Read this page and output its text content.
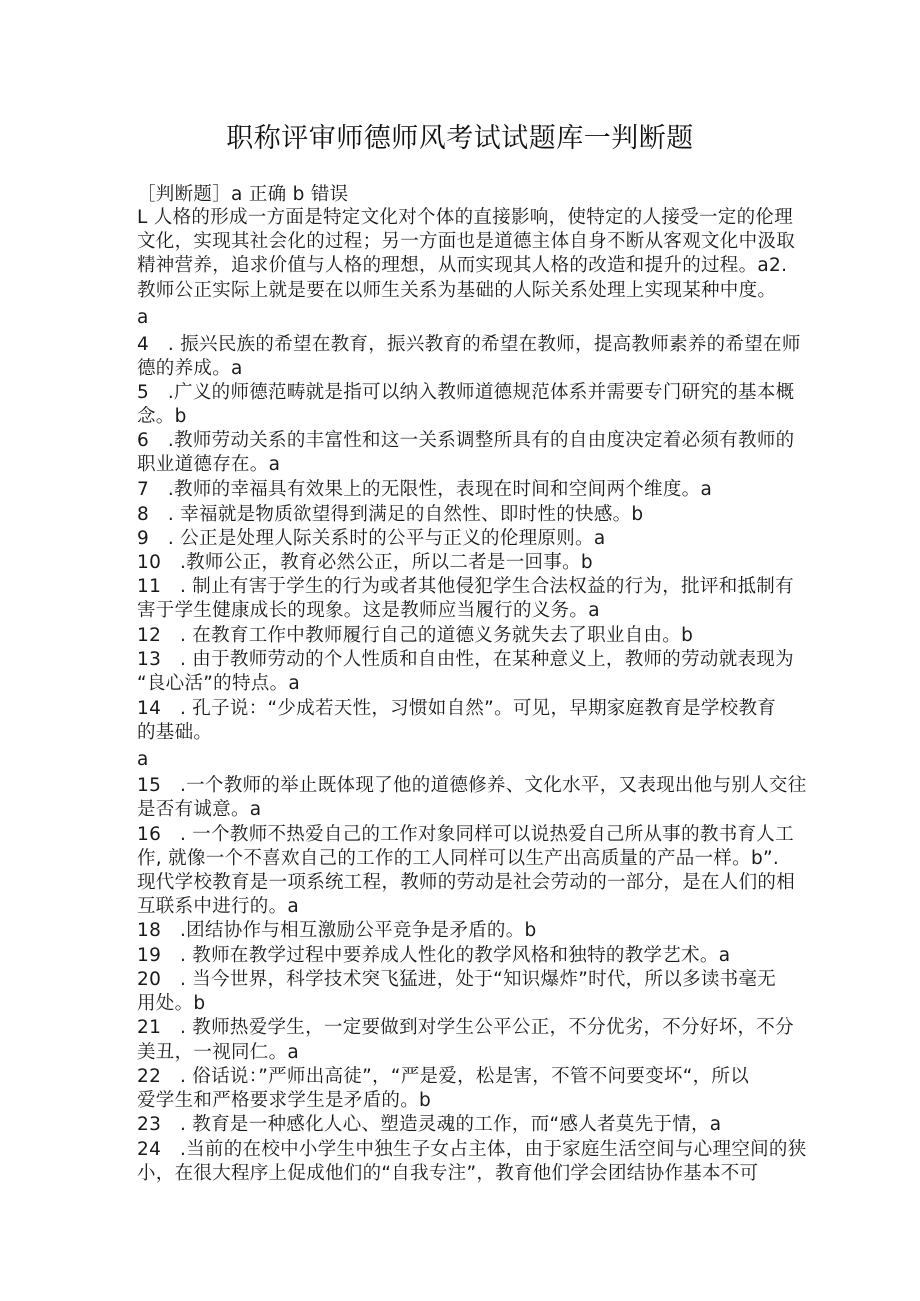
职称评审师德师风考试试题库一判断题
［判断题］a 正确 b 错误
L 人格的形成一方面是特定文化对个体的直接影响，使特定的人接受一定的伦理
文化，实现其社会化的过程；另一方面也是道德主体自身不断从客观文化中汲取
精神营养，追求价值与人格的理想，从而实现其人格的改造和提升的过程。a2.
教师公正实际上就是要在以师生关系为基础的人际关系处理上实现某种中度。
a
4　. 振兴民族的希望在教育，振兴教育的希望在教师，提高教师素养的希望在师
德的养成。a
5　.广义的师德范畴就是指可以纳入教师道德规范体系并需要专门研究的基本概
念。b
6　.教师劳动关系的丰富性和这一关系调整所具有的自由度决定着必须有教师的
职业道德存在。a
7　.教师的幸福具有效果上的无限性，表现在时间和空间两个维度。a
8　. 幸福就是物质欲望得到满足的自然性、即时性的快感。b
9　. 公正是处理人际关系时的公平与正义的伦理原则。a
10　.教师公正，教育必然公正，所以二者是一回事。b
11　. 制止有害于学生的行为或者其他侵犯学生合法权益的行为，批评和抵制有
害于学生健康成长的现象。这是教师应当履行的义务。a
12　. 在教育工作中教师履行自己的道德义务就失去了职业自由。b
13　. 由于教师劳动的个人性质和自由性，在某种意义上，教师的劳动就表现为
“良心活”的特点。a
14　. 孔子说：“少成若天性，习惯如自然”。可见，早期家庭教育是学校教育
的基础。
a
15　.一个教师的举止既体现了他的道德修养、文化水平，又表现出他与别人交往
是否有诚意。a
16　. 一个教师不热爱自己的工作对象同样可以说热爱自己所从事的教书育人工
作, 就像一个不喜欢自己的工作的工人同样可以生产出高质量的产品一样。b”.
现代学校教育是一项系统工程，教师的劳动是社会劳动的一部分，是在人们的相
互联系中进行的。a
18　.团结协作与相互激励公平竞争是矛盾的。b
19　. 教师在教学过程中要养成人性化的教学风格和独特的教学艺术。a
20　. 当今世界，科学技术突飞猛进，处于“知识爆炸”时代，所以多读书毫无
用处。b
21　. 教师热爱学生，一定要做到对学生公平公正，不分优劣，不分好坏，不分
美丑，一视同仁。a
22　. 俗话说：”严师出高徒”，“严是爱，松是害，不管不问要变坏“，所以
爱学生和严格要求学生是矛盾的。b
23　. 教育是一种感化人心、塑造灵魂的工作，而“感人者莫先于情，a
24　.当前的在校中小学生中独生子女占主体，由于家庭生活空间与心理空间的狭
小，在很大程序上促成他们的“自我专注”，教育他们学会团结协作基本不可
